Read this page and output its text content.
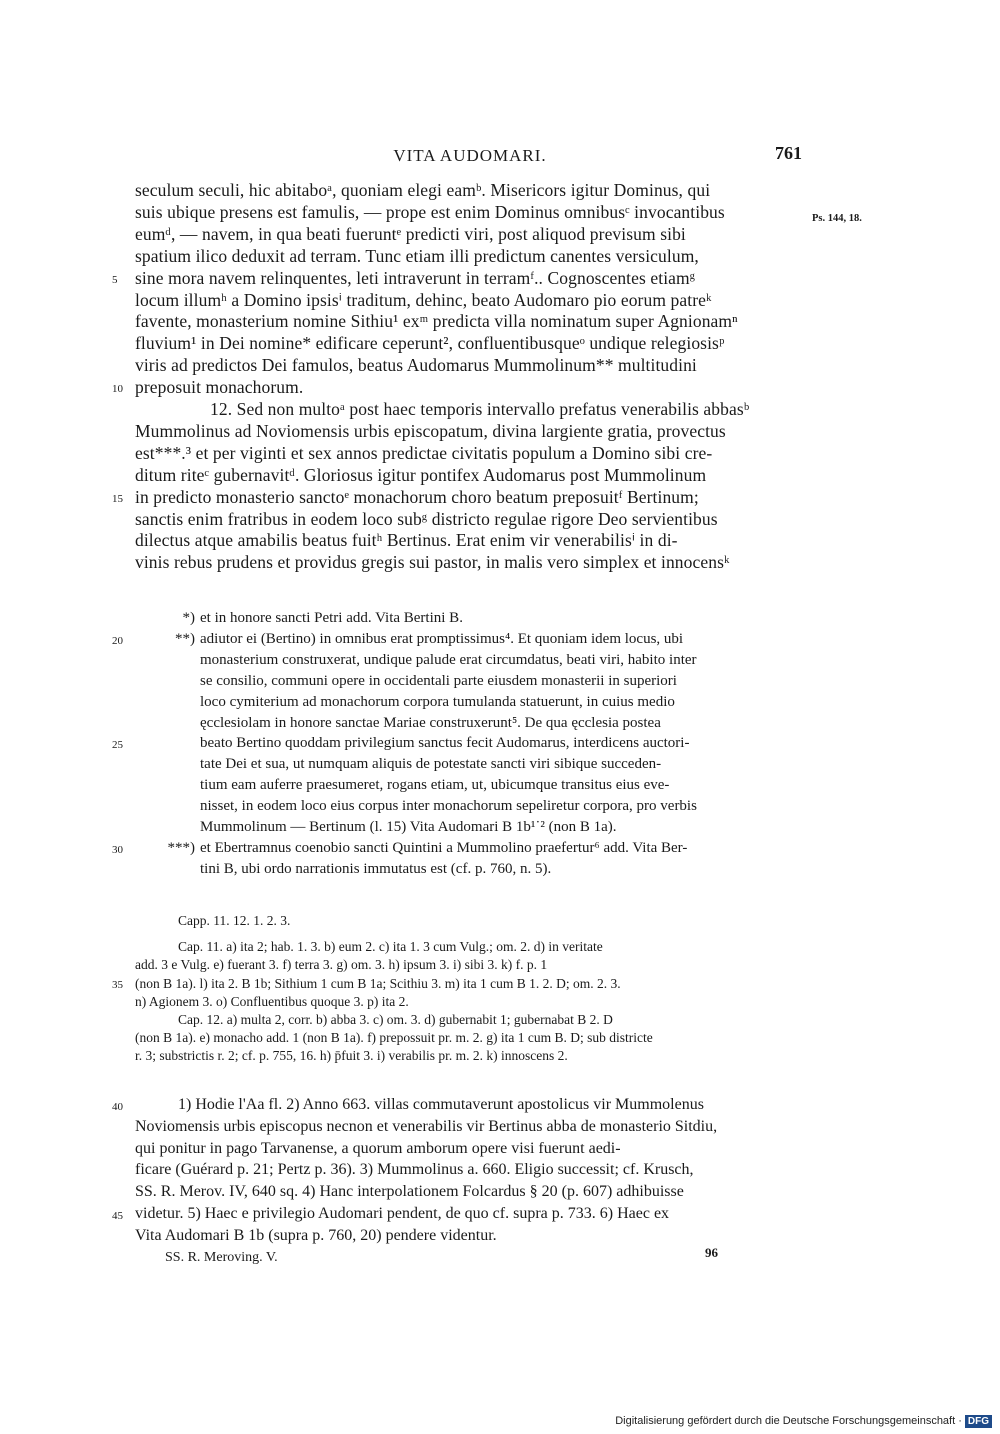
VITA AUDOMARI.	761
Ps. 144, 18.
seculum seculi, hic abitaboᵃ, quoniam elegi eamᵇ. Misericors igitur Dominus, qui
suis ubique presens est famulis, — prope est enim Dominus omnibusᶜ invocantibus
eumᵈ, — navem, in qua beati fueruntᵉ predicti viri, post aliquod previsum sibi
spatium ilico deduxit ad terram. Tunc etiam illi predictum canentes versiculum,
sine mora navem relinquentes, leti intraverunt in terramᶠ.. Cognoscentes etiamᵍ
5
locum illumʰ a Domino ipsisⁱ traditum, dehinc, beato Audomaro pio eorum patreᵏ
favente, monasterium nomine Sithiu¹ exᵐ predicta villa nominatum super Agnionamⁿ
fluvium¹ in Dei nomine* edificare ceperunt², confluentibusqueᵒ undique relegiosisᵖ
viris ad predictos Dei famulos, beatus Audomarus Mummolinum** multitudini
preposuit monachorum.
10
12. Sed non multoᵃ post haec temporis intervallo prefatus venerabilis abbasᵇ
Mummolinus ad Noviomensis urbis episcopatum, divina largiente gratia, provectus
est***.³ et per viginti et sex annos predictae civitatis populum a Domino sibi cre-
ditum riteᶜ gubernavitᵈ. Gloriosus igitur pontifex Audomarus post Mummolinum
in predicto monasterio sanctoᵉ monachorum choro beatum preposuitᶠ Bertinum;
15
sanctis enim fratribus in eodem loco subᵍ districto regulae rigore Deo servientibus
dilectus atque amabilis beatus fuitʰ Bertinus. Erat enim vir venerabilisⁱ in di-
vinis rebus prudens et providus gregis sui pastor, in malis vero simplex et innocensᵏ
*) et in honore sancti Petri add. Vita Bertini B.
**) adiutor ei (Bertino) in omnibus erat promptissimus⁴. Et quoniam idem locus, ubi
20
monasterium construxerat, undique palude erat circumdatus, beati viri, habito inter
se consilio, communi opere in occidentali parte eiusdem monasterii in superiori
loco cymiterium ad monachorum corpora tumulanda statuerunt, in cuius medio
ęcclesiolam in honore sanctae Mariae construxerunt⁵. De qua ęcclesia postea
beato Bertino quoddam privilegium sanctus fecit Audomarus, interdicens auctori-
25
tate Dei et sua, ut numquam aliquis de potestate sancti viri sibique succeden-
tium eam auferre praesumeret, rogans etiam, ut, ubicumque transitus eius eve-
nisset, in eodem loco eius corpus inter monachorum sepeliretur corpora, pro verbis
Mummolinum — Bertinum (l. 15) Vita Audomari B 1b¹˙² (non B 1a).
***) et Ebertramnus coenobio sancti Quintini a Mummolino praefertur⁶ add. Vita Ber-
30
tini B, ubi ordo narrationis immutatus est (cf. p. 760, n. 5).
Capp. 11. 12. 1. 2. 3.
Cap. 11. a) ita 2; hab. 1. 3. b) eum 2. c) ita 1. 3 cum Vulg.; om. 2. d) in veritate
add. 3 e Vulg. e) fuerant 3. f) terra 3. g) om. 3. h) ipsum 3. i) sibi 3. k) f. p. 1
(non B 1a). l) ita 2. B 1b; Sithium 1 cum B 1a; Scithiu 3. m) ita 1 cum B 1. 2. D; om. 2. 3.
35
n) Agionem 3. o) Confluentibus quoque 3. p) ita 2.
Cap. 12. a) multa 2, corr. b) abba 3. c) om. 3. d) gubernabit 1; gubernabat B 2. D
(non B 1a). e) monacho add. 1 (non B 1a). f) prepossuit pr. m. 2. g) ita 1 cum B. D; sub districte
r. 3; substrictis r. 2; cf. p. 755, 16. h) p̄fuit 3. i) verabilis pr. m. 2. k) innoscens 2.
1) Hodie l'Aa fl. 2) Anno 663. villas commutaverunt apostolicus vir Mummolenus
40
Noviomensis urbis episcopus necnon et venerabilis vir Bertinus abba de monasterio Sitdiu,
qui ponitur in pago Tarvanense, a quorum amborum opere visi fuerunt aedi-
ficare (Guérard p. 21; Pertz p. 36). 3) Mummolinus a. 660. Eligio successit; cf. Krusch,
SS. R. Merov. IV, 640 sq. 4) Hanc interpolationem Folcardus § 20 (p. 607) adhibuisse
videtur. 5) Haec e privilegio Audomari pendent, de quo cf. supra p. 733. 6) Haec ex
45
Vita Audomari B 1b (supra p. 760, 20) pendere videntur.
SS. R. Meroving. V.	96
Digitalisierung gefördert durch die Deutsche Forschungsgemeinschaft · DFG
